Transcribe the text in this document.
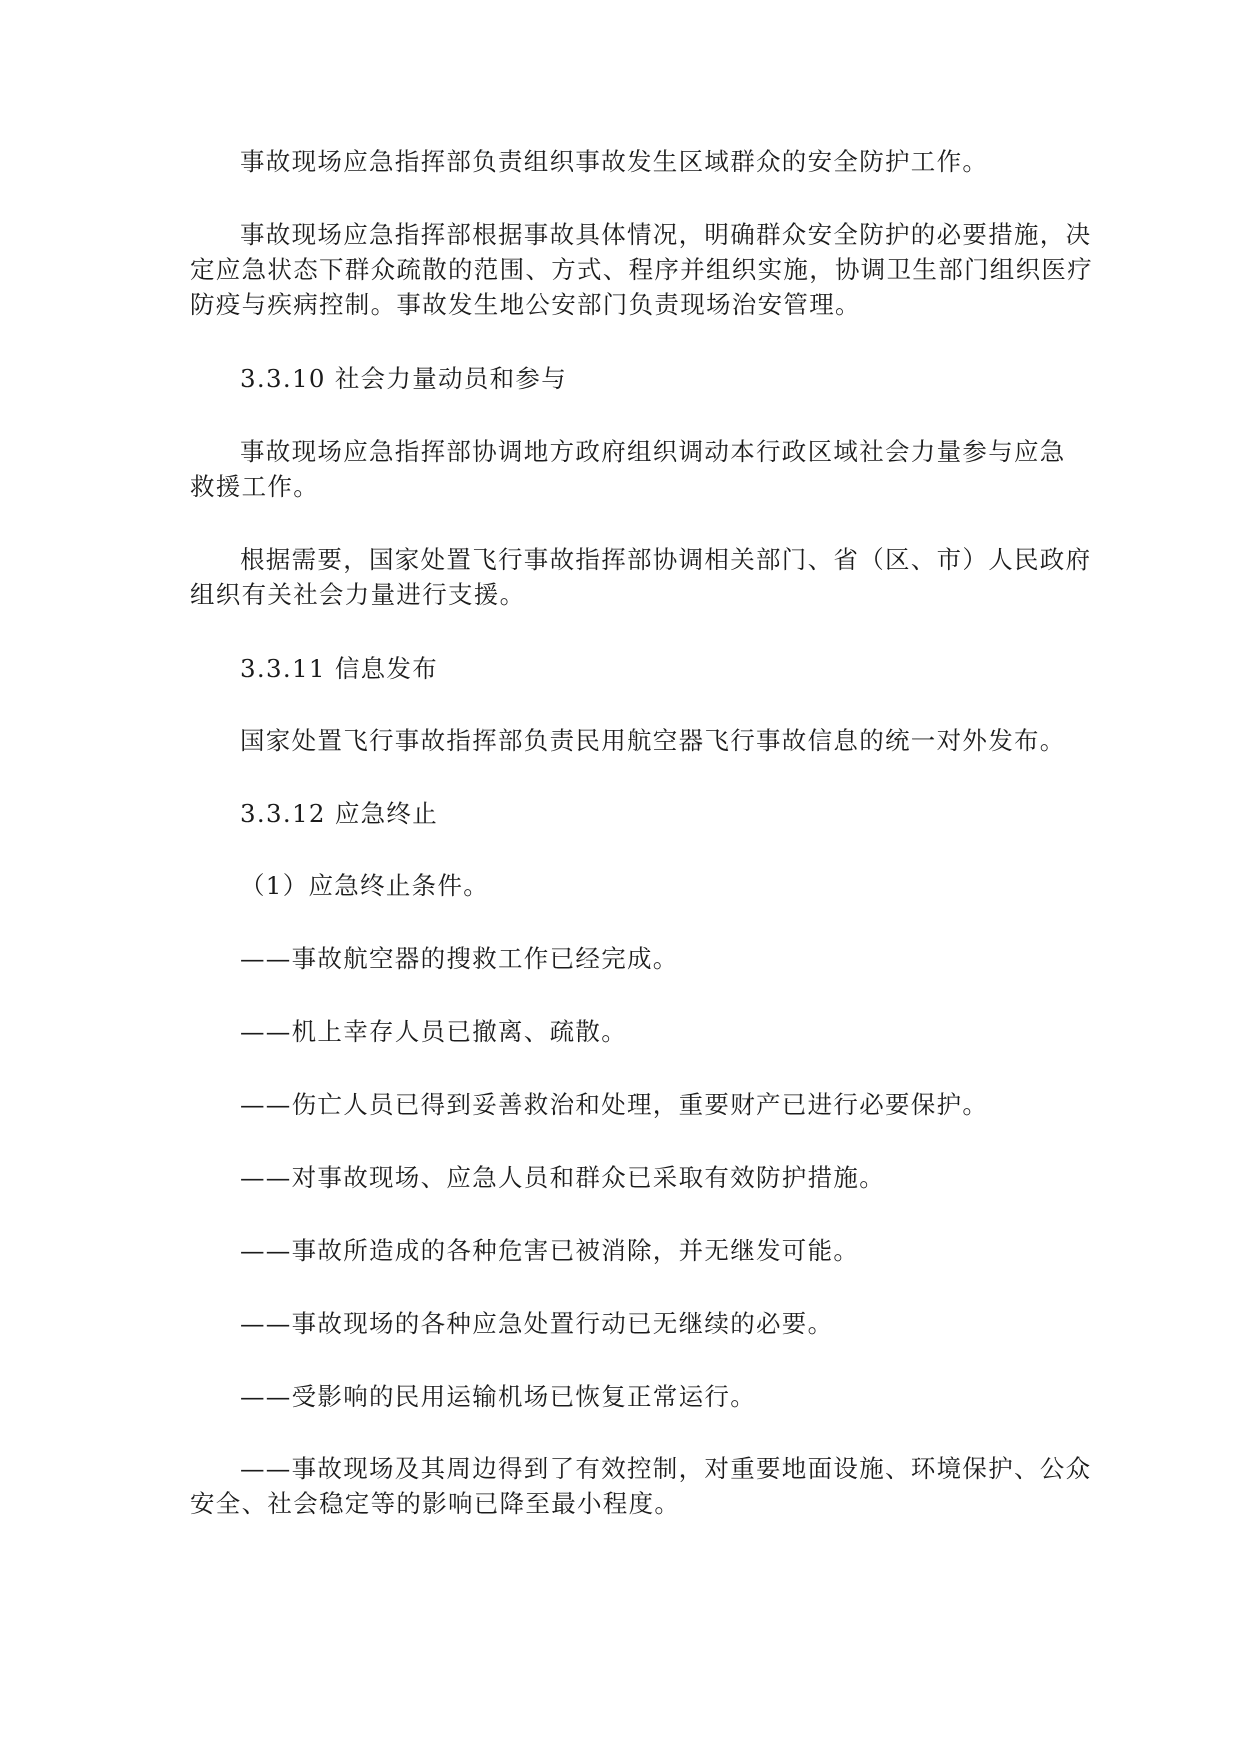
事故现场应急指挥部负责组织事故发生区域群众的安全防护工作。

事故现场应急指挥部根据事故具体情况，明确群众安全防护的必要措施，决

定应急状态下群众疏散的范围、方式、程序并组织实施，协调卫生部门组织医疗

防疫与疾病控制。事故发生地公安部门负责现场治安管理。

3.3.10 社会力量动员和参与

事故现场应急指挥部协调地方政府组织调动本行政区域社会力量参与应急

救援工作。

根据需要，国家处置飞行事故指挥部协调相关部门、省（区、市）人民政府

组织有关社会力量进行支援。

3.3.11 信息发布

国家处置飞行事故指挥部负责民用航空器飞行事故信息的统一对外发布。

3.3.12 应急终止

（1）应急终止条件。

——事故航空器的搜救工作已经完成。

——机上幸存人员已撤离、疏散。

——伤亡人员已得到妥善救治和处理，重要财产已进行必要保护。

——对事故现场、应急人员和群众已采取有效防护措施。

——事故所造成的各种危害已被消除，并无继发可能。

——事故现场的各种应急处置行动已无继续的必要。

——受影响的民用运输机场已恢复正常运行。

——事故现场及其周边得到了有效控制，对重要地面设施、环境保护、公众

安全、社会稳定等的影响已降至最小程度。
